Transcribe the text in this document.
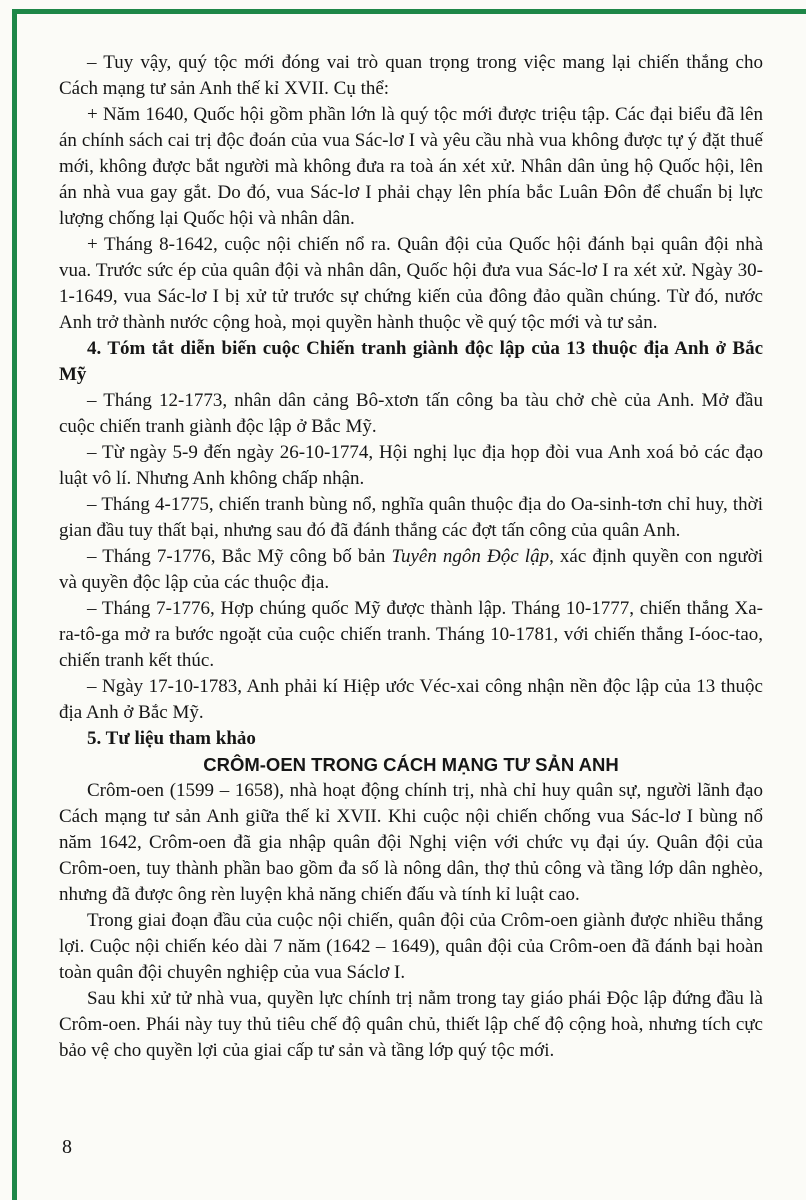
– Tuy vậy, quý tộc mới đóng vai trò quan trọng trong việc mang lại chiến thắng cho Cách mạng tư sản Anh thế kỉ XVII. Cụ thể:

+ Năm 1640, Quốc hội gồm phần lớn là quý tộc mới được triệu tập. Các đại biểu đã lên án chính sách cai trị độc đoán của vua Sác-lơ I và yêu cầu nhà vua không được tự ý đặt thuế mới, không được bắt người mà không đưa ra toà án xét xử. Nhân dân ủng hộ Quốc hội, lên án nhà vua gay gắt. Do đó, vua Sác-lơ I phải chạy lên phía bắc Luân Đôn để chuẩn bị lực lượng chống lại Quốc hội và nhân dân.

+ Tháng 8-1642, cuộc nội chiến nổ ra. Quân đội của Quốc hội đánh bại quân đội nhà vua. Trước sức ép của quân đội và nhân dân, Quốc hội đưa vua Sác-lơ I ra xét xử. Ngày 30-1-1649, vua Sác-lơ I bị xử tử trước sự chứng kiến của đông đảo quần chúng. Từ đó, nước Anh trở thành nước cộng hoà, mọi quyền hành thuộc về quý tộc mới và tư sản.

4. Tóm tắt diễn biến cuộc Chiến tranh giành độc lập của 13 thuộc địa Anh ở Bắc Mỹ

– Tháng 12-1773, nhân dân cảng Bô-xtơn tấn công ba tàu chở chè của Anh. Mở đầu cuộc chiến tranh giành độc lập ở Bắc Mỹ.

– Từ ngày 5-9 đến ngày 26-10-1774, Hội nghị lục địa họp đòi vua Anh xoá bỏ các đạo luật vô lí. Nhưng Anh không chấp nhận.

– Tháng 4-1775, chiến tranh bùng nổ, nghĩa quân thuộc địa do Oa-sinh-tơn chỉ huy, thời gian đầu tuy thất bại, nhưng sau đó đã đánh thắng các đợt tấn công của quân Anh.

– Tháng 7-1776, Bắc Mỹ công bố bản Tuyên ngôn Độc lập, xác định quyền con người và quyền độc lập của các thuộc địa.

– Tháng 7-1776, Hợp chúng quốc Mỹ được thành lập. Tháng 10-1777, chiến thắng Xa-ra-tô-ga mở ra bước ngoặt của cuộc chiến tranh. Tháng 10-1781, với chiến thắng I-óoc-tao, chiến tranh kết thúc.

– Ngày 17-10-1783, Anh phải kí Hiệp ước Véc-xai công nhận nền độc lập của 13 thuộc địa Anh ở Bắc Mỹ.

5. Tư liệu tham khảo

CRÔM-OEN TRONG CÁCH MẠNG TƯ SẢN ANH

Crôm-oen (1599 – 1658), nhà hoạt động chính trị, nhà chỉ huy quân sự, người lãnh đạo Cách mạng tư sản Anh giữa thế kỉ XVII. Khi cuộc nội chiến chống vua Sác-lơ I bùng nổ năm 1642, Crôm-oen đã gia nhập quân đội Nghị viện với chức vụ đại úy. Quân đội của Crôm-oen, tuy thành phần bao gồm đa số là nông dân, thợ thủ công và tầng lớp dân nghèo, nhưng đã được ông rèn luyện khả năng chiến đấu và tính kỉ luật cao.

Trong giai đoạn đầu của cuộc nội chiến, quân đội của Crôm-oen giành được nhiều thắng lợi. Cuộc nội chiến kéo dài 7 năm (1642 – 1649), quân đội của Crôm-oen đã đánh bại hoàn toàn quân đội chuyên nghiệp của vua Sáclơ I.

Sau khi xử tử nhà vua, quyền lực chính trị nằm trong tay giáo phái Độc lập đứng đầu là Crôm-oen. Phái này tuy thủ tiêu chế độ quân chủ, thiết lập chế độ cộng hoà, nhưng tích cực bảo vệ cho quyền lợi của giai cấp tư sản và tầng lớp quý tộc mới.

8
